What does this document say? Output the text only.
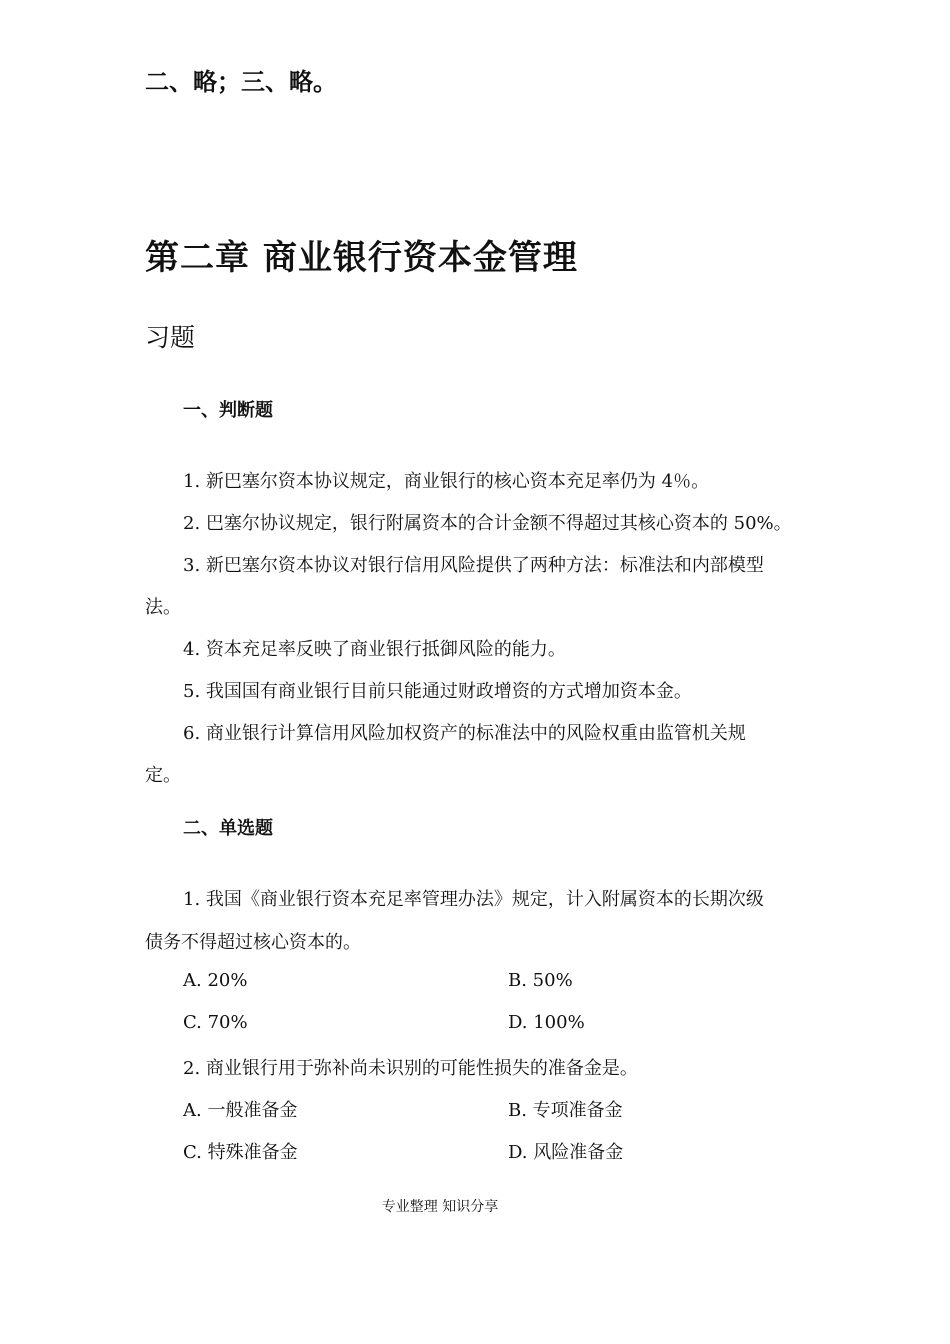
二、略；三、略。
第二章 商业银行资本金管理
习题
一、判断题
1. 新巴塞尔资本协议规定，商业银行的核心资本充足率仍为 4％。
2. 巴塞尔协议规定，银行附属资本的合计金额不得超过其核心资本的 50%。
3. 新巴塞尔资本协议对银行信用风险提供了两种方法：标准法和内部模型
法。
4. 资本充足率反映了商业银行抵御风险的能力。
5. 我国国有商业银行目前只能通过财政增资的方式增加资本金。
6. 商业银行计算信用风险加权资产的标准法中的风险权重由监管机关规
定。
二、单选题
1. 我国《商业银行资本充足率管理办法》规定，计入附属资本的长期次级
债务不得超过核心资本的。
A. 20%	B. 50%
C. 70%	D. 100%
2. 商业银行用于弥补尚未识别的可能性损失的准备金是。
A. 一般准备金	B. 专项准备金
C. 特殊准备金	D. 风险准备金
专业整理 知识分享
